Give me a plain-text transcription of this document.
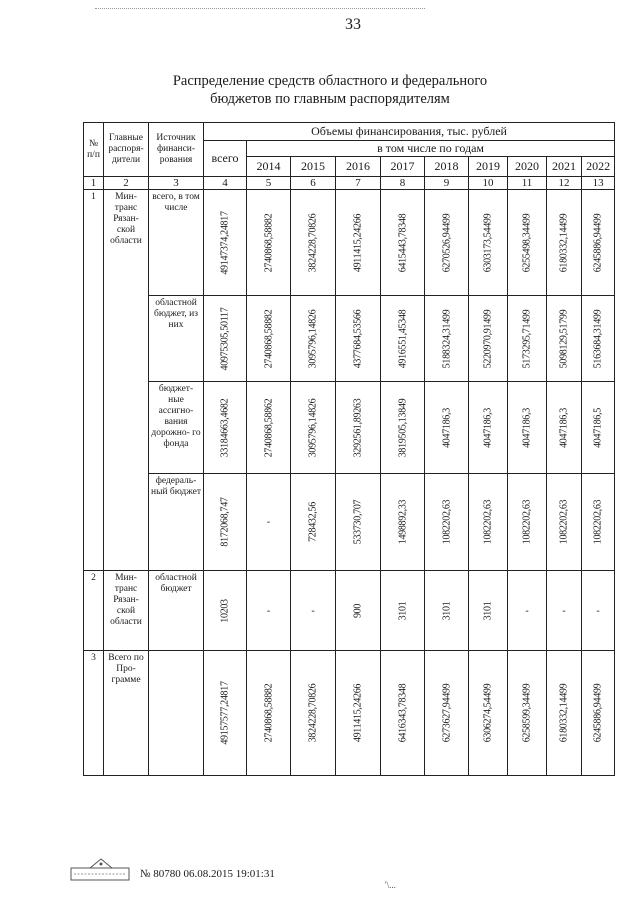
33
Распределение средств областного и федерального
бюджетов по главным распорядителям
№ п/п	Главные распоря- дители	Источник финанси- рования	Объемы финансирования, тыс. рублей									
			всего	в том числе по годам								
				2014	2015	2016	2017	2018	2019	2020	2021	2022
1	2	3	4	5	6	7	8	9	10	11	12	13
1	Мин- транс Рязан- ской области	всего, в том числе	49147374,24817	2740868,58882	3824228,70826	4911415,24266	6415443,78348	6270526,94499	6303173,54499	6255498,34499	6180332,14499	6245886,94499

		областной бюджет, из них	40975305,50117	2740868,58882	3095796,14826	4377684,53566	4916551,45348	5188324,31499	5220970,91499	5173295,71499	5098129,51799	5163684,31499

		бюджет- ные ассигно- вания дорожно- го фонда	33184663,4682	2740868,58862	3095796,14826	3292561,89263	3819505,13849	4047186,3	4047186,3	4047186,3	4047186,3	4047186,5

		федераль- ный бюджет	8172068,747	-	728432,56	533730,707	1498892,33	1082202,63	1082202,63	1082202,63	1082202,63	1082202,63

2	Мин- транс Рязан- ской области	областной бюджет	10203	-	-	900	3101	3101	3101	-	-	-

3	Всего по Про- грамме		49157577,24817	2740868,58882	3824228,70826	4911415,24266	6416343,78348	6273627,94499	6306274,54499	6258599,34499	6180332,14499	6245886,94499
№ 80780 06.08.2015 19:01:31
'\...
